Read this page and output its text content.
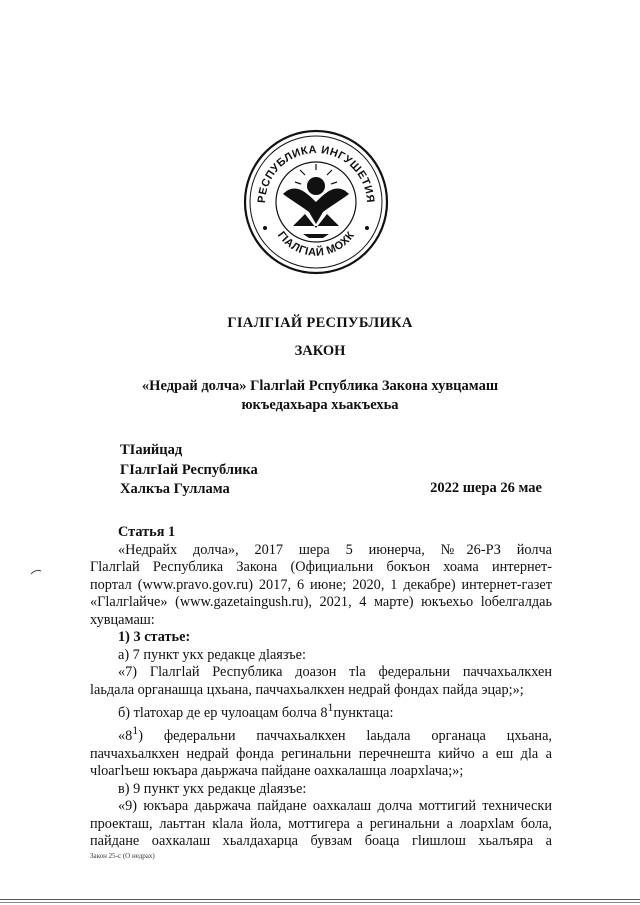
РЕСПУБЛИКА ИНГУШЕТИЯ
ГIАЛГIАЙ МОХК
ГIАЛГIАЙ РЕСПУБЛИКА
ЗАКОН
«Недрай долча» Гlалгlай Рcпублика Закона хувцамаш
юкъедахьара хьакъехьа
ТIаийцад
ГIалгIай Республика
Халкъа Гуллама	2022 шера 26 мае

Статья 1

«Недрайх долча», 2017 шера 5 июнерча, №26-РЗ йолча

Гlалгlай Республика Закона (Официальни бокъон хоама интернет-

портал (www.pravo.gov.ru) 2017, 6 июне; 2020, 1 декабре) интернет-газет

«Гlалгlайче» (www.gazetaingush.ru), 2021, 4 марте) юкъехьо lобелгалдаь

хувцамаш:

1) 3 статье:

а) 7 пункт укх редакце дlаязъе:

«7) Гlалгlай Республика доазон тlа федеральни паччахьалкхен

lаьдала органашца цхьана, паччахьалкхен недрай фондах пайда эцар;»;

б) тlатохар де ер чулоацам болча $8^1пунктаца$:

«$8^1$) федеральни паччахьалкхен lаьдала органаца цхьана,

паччахьалкхен недрай фонда регинальни перечнешта кийчо а еш дlа а

чlоагlъеш юкъара даьржача пайдане оахкалашца лоархlача;»;

в) 9 пункт укх редакце дlаязъе:

«9) юкъара даьржача пайдане оахкалаш долча моттигий технически

проекташ, лаьттан кlала йола, моттигера а регинальни а лоархlам бола,

пайдане оахкалаш хьалдахарца бувзам боаца гlишлош хьалъяра а

Закон 25-с (О недрах)
